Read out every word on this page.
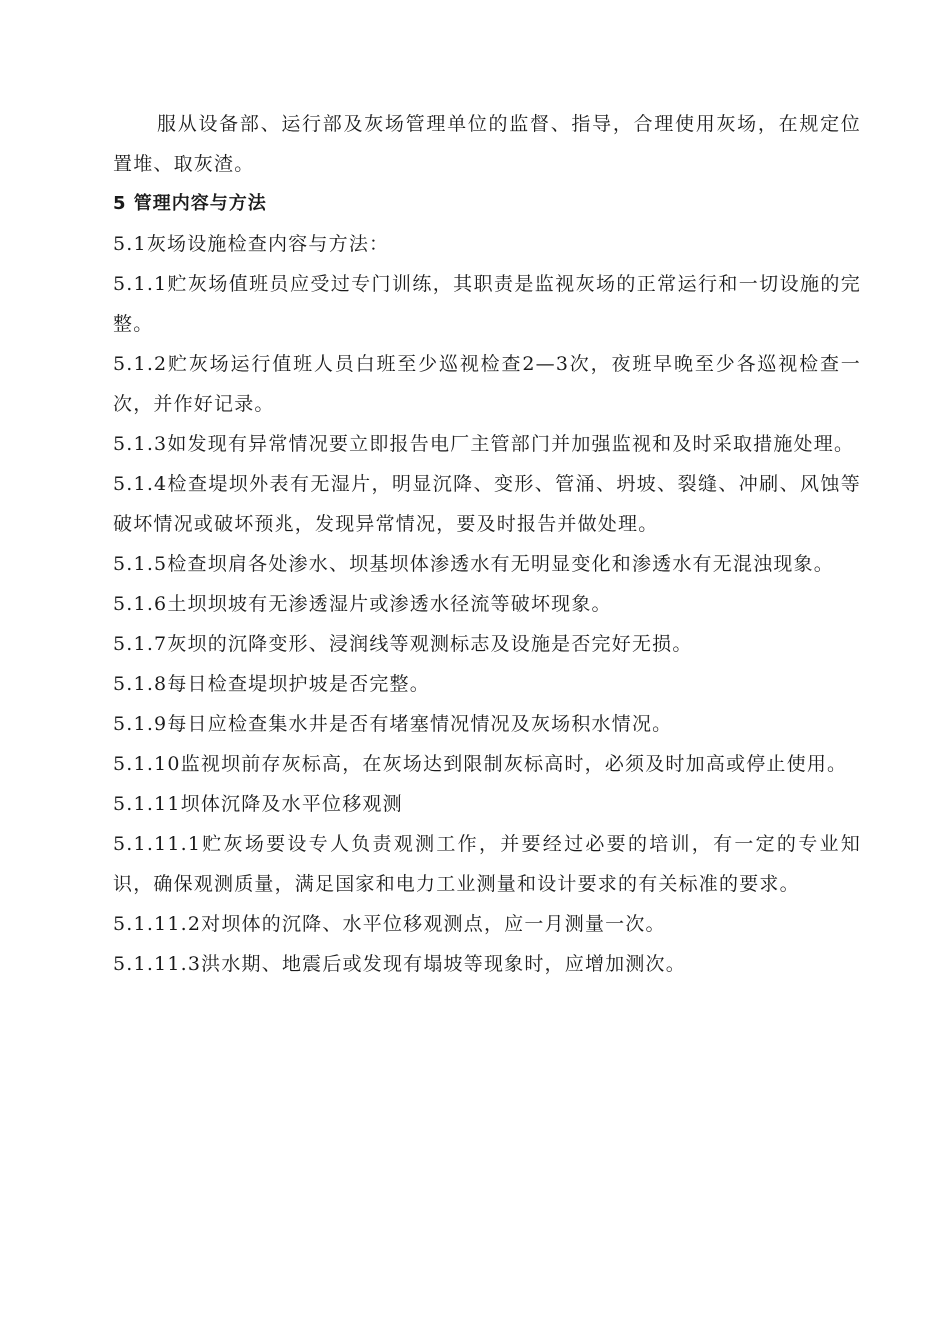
服从设备部、运行部及灰场管理单位的监督、指导，合理使用灰场，在规定位置堆、取灰渣。

5 管理内容与方法

5.1灰场设施检查内容与方法：

5.1.1贮灰场值班员应受过专门训练，其职责是监视灰场的正常运行和一切设施的完整。

5.1.2贮灰场运行值班人员白班至少巡视检查2—3次，夜班早晚至少各巡视检查一次，并作好记录。

5.1.3如发现有异常情况要立即报告电厂主管部门并加强监视和及时采取措施处理。

5.1.4检查堤坝外表有无湿片，明显沉降、变形、管涌、坍坡、裂缝、冲刷、风蚀等破坏情况或破坏预兆，发现异常情况，要及时报告并做处理。

5.1.5检查坝肩各处渗水、坝基坝体渗透水有无明显变化和渗透水有无混浊现象。

5.1.6土坝坝坡有无渗透湿片或渗透水径流等破坏现象。

5.1.7灰坝的沉降变形、浸润线等观测标志及设施是否完好无损。

5.1.8每日检查堤坝护坡是否完整。

5.1.9每日应检查集水井是否有堵塞情况情况及灰场积水情况。

5.1.10监视坝前存灰标高，在灰场达到限制灰标高时，必须及时加高或停止使用。

5.1.11坝体沉降及水平位移观测

5.1.11.1贮灰场要设专人负责观测工作，并要经过必要的培训，有一定的专业知识，确保观测质量，满足国家和电力工业测量和设计要求的有关标准的要求。

5.1.11.2对坝体的沉降、水平位移观测点，应一月测量一次。

5.1.11.3洪水期、地震后或发现有塌坡等现象时，应增加测次。
